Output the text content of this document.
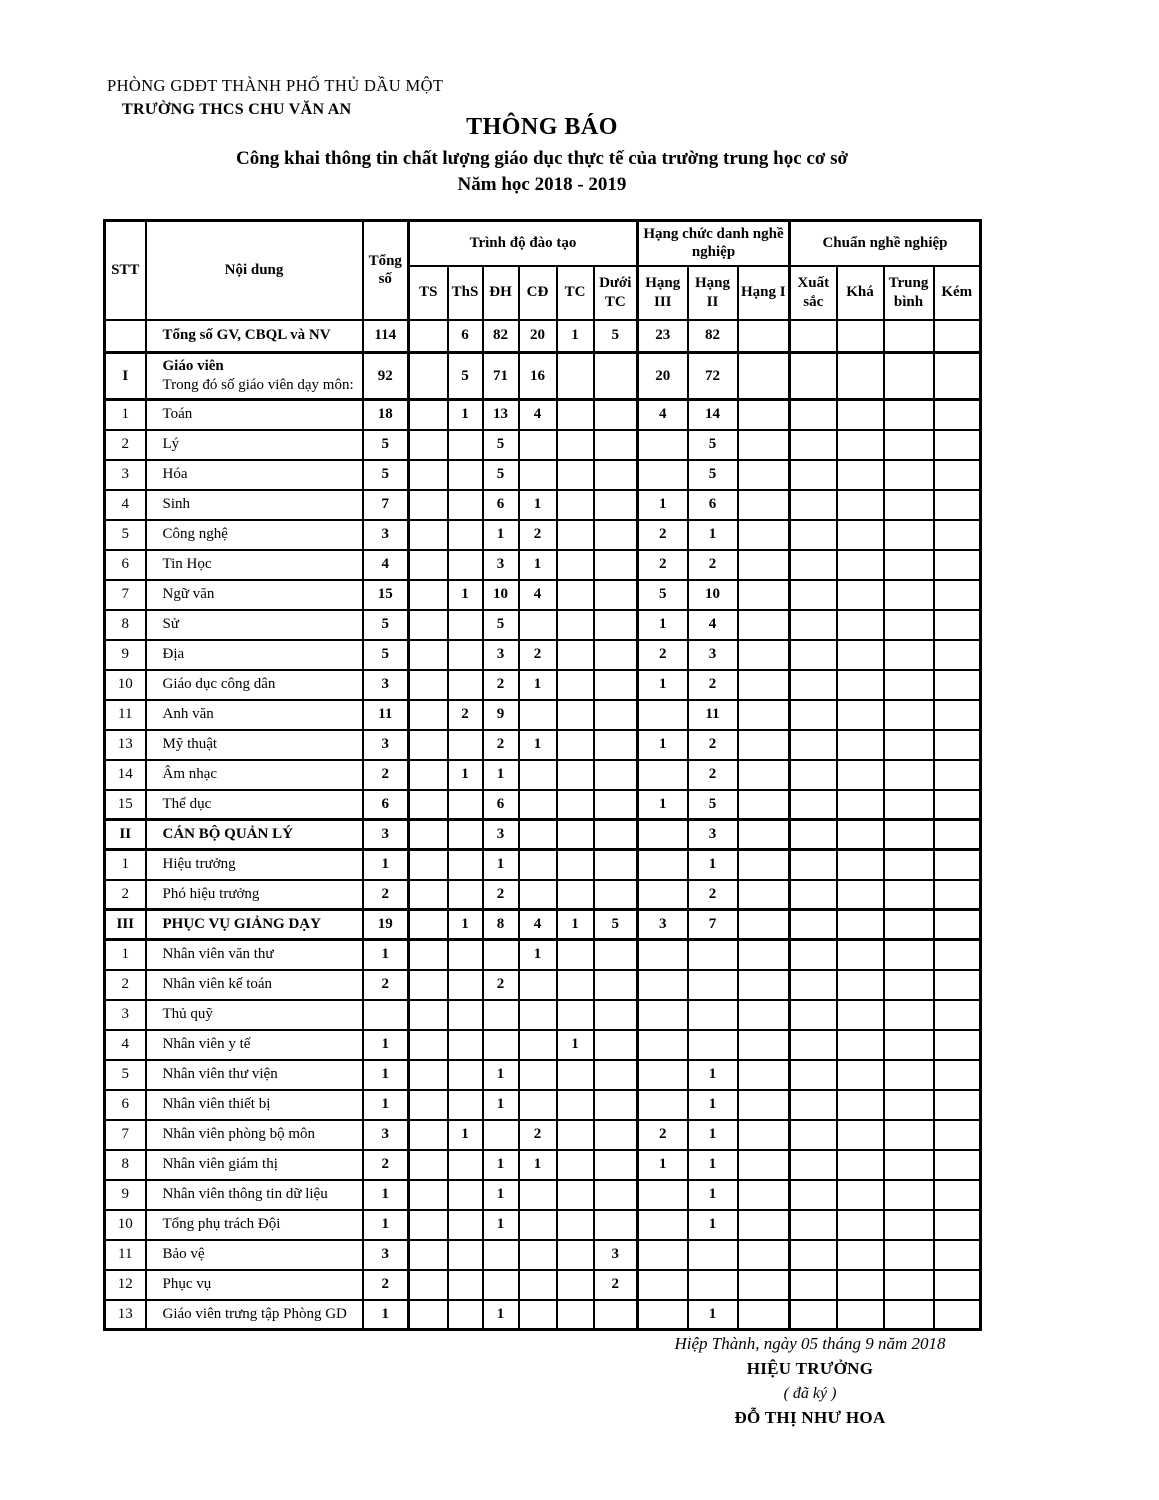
PHÒNG GDĐT THÀNH PHỐ THỦ DẦU MỘT
TRƯỜNG THCS CHU VĂN AN
THÔNG BÁO
Công khai thông tin chất lượng giáo dục thực tế của trường trung học cơ sở
Năm học 2018 - 2019
STT	Nội dung	Tổng số	Trình độ đào tạo						Hạng chức danh nghề nghiệp			Chuẩn nghề nghiệp			
			TS	ThS	ĐH	CĐ	TC	Dưới TC	Hạng III	Hạng II	Hạng I	Xuất sắc	Khá	Trung bình	Kém

	Tổng số GV, CBQL và NV	114		6	82	20	1	5	23	82					
I	Giáo viên
Trong đó số giáo viên dạy môn:	92		5	71	16			20	72					
1	Toán	18		1	13	4			4	14					
2	Lý	5			5					5					
3	Hóa	5			5					5					
4	Sinh	7			6	1			1	6					
5	Công nghệ	3			1	2			2	1					
6	Tin Học	4			3	1			2	2					
7	Ngữ văn	15		1	10	4			5	10					
8	Sử	5			5				1	4					
9	Địa	5			3	2			2	3					
10	Giáo dục công dân	3			2	1			1	2					
11	Anh văn	11		2	9					11					
13	Mỹ thuật	3			2	1			1	2					
14	Âm nhạc	2		1	1					2					
15	Thể dục	6			6				1	5					
II	CÁN BỘ QUẢN LÝ	3			3					3					
1	Hiệu trưởng	1			1					1					
2	Phó hiệu trưởng	2			2					2					
III	PHỤC VỤ GIẢNG DẠY	19		1	8	4	1	5	3	7					
1	Nhân viên văn thư	1				1									
2	Nhân viên kế toán	2			2										
3	Thủ quỹ														

4	Nhân viên y tế	1					1								
5	Nhân viên thư viện	1			1					1					
6	Nhân viên thiết bị	1			1					1					
7	Nhân viên phòng bộ môn	3		1		2			2	1					
8	Nhân viên giám thị	2			1	1			1	1					
9	Nhân viên thông tin dữ liệu	1			1					1					
10	Tổng phụ trách Đội	1			1					1					
11	Bảo vệ	3						3							
12	Phục vụ	2						2							
13	Giáo viên trưng tập Phòng GD	1			1					1					
Hiệp Thành, ngày 05 tháng 9 năm 2018
HIỆU TRƯỞNG
( đã ký )
ĐỖ THỊ NHƯ HOA
